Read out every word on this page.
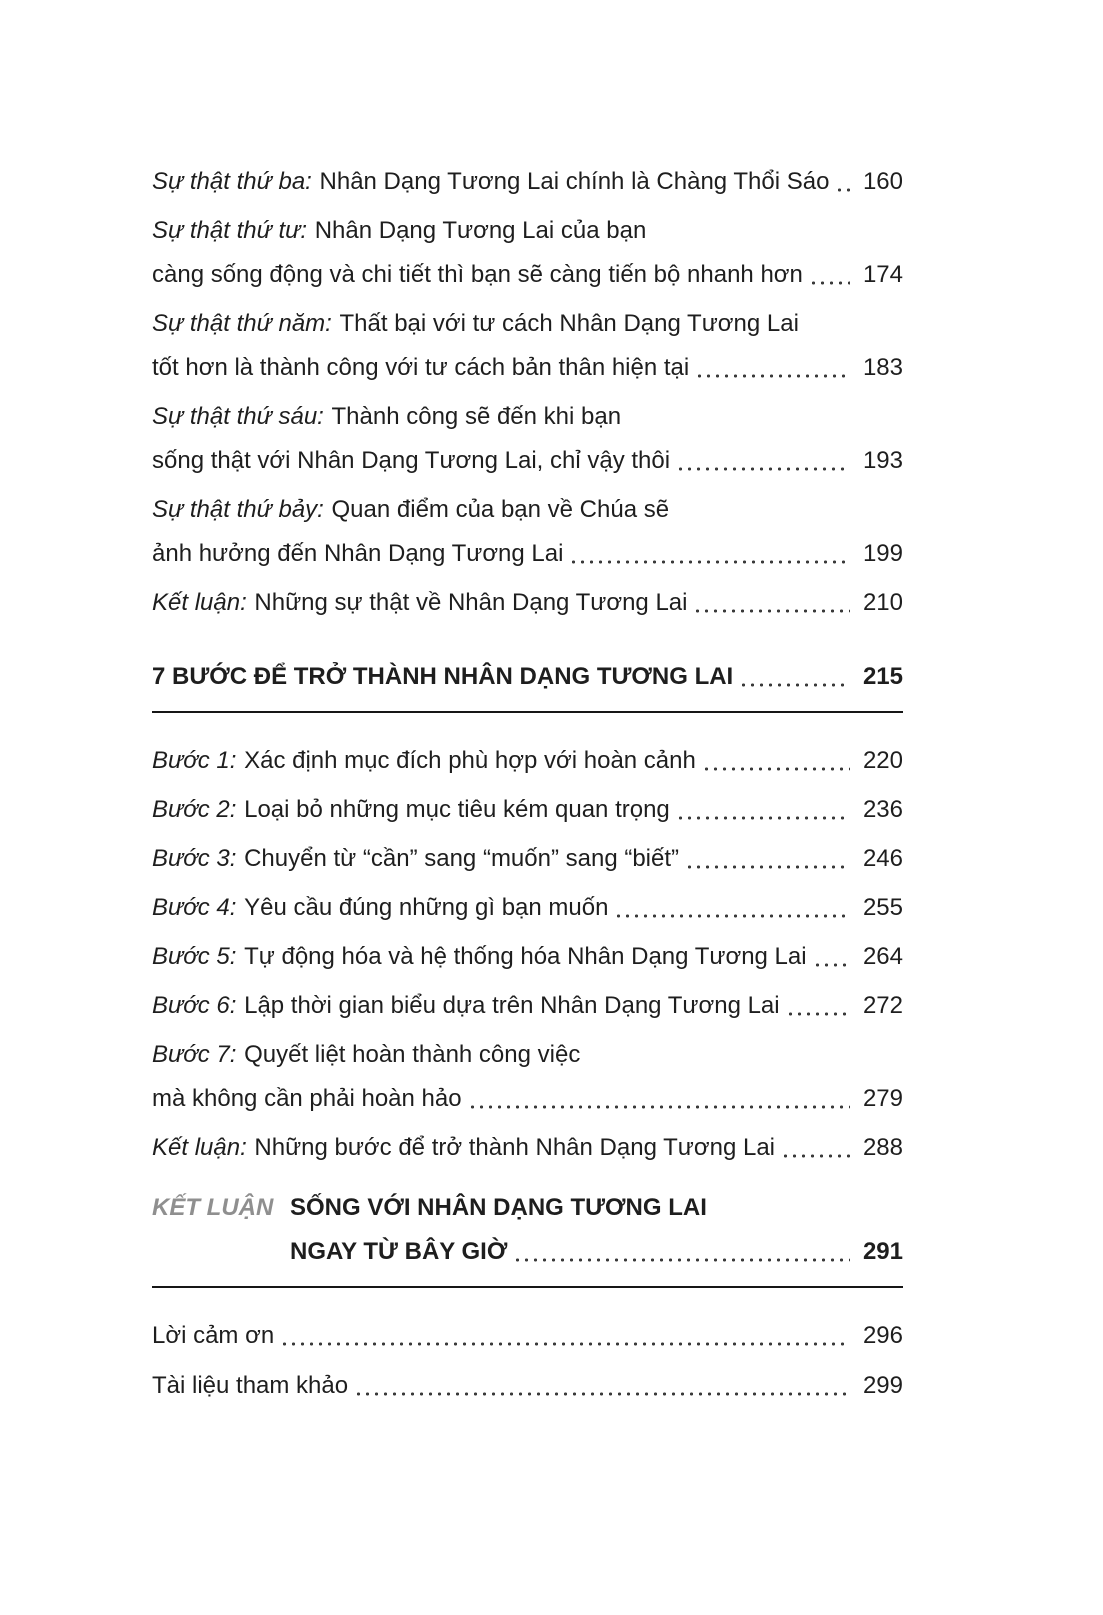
Sự thật thứ ba: Nhân Dạng Tương Lai chính là Chàng Thổi Sáo	160
Sự thật thứ tư: Nhân Dạng Tương Lai của bạn
càng sống động và chi tiết thì bạn sẽ càng tiến bộ nhanh hơn	174
Sự thật thứ năm: Thất bại với tư cách Nhân Dạng Tương Lai
tốt hơn là thành công với tư cách bản thân hiện tại	183
Sự thật thứ sáu: Thành công sẽ đến khi bạn
sống thật với Nhân Dạng Tương Lai, chỉ vậy thôi	193
Sự thật thứ bảy: Quan điểm của bạn về Chúa sẽ
ảnh hưởng đến Nhân Dạng Tương Lai	199
Kết luận: Những sự thật về Nhân Dạng Tương Lai	210
7 BƯỚC ĐỂ TRỞ THÀNH NHÂN DẠNG TƯƠNG LAI	215
Bước 1: Xác định mục đích phù hợp với hoàn cảnh	220
Bước 2: Loại bỏ những mục tiêu kém quan trọng	236
Bước 3: Chuyển từ “cần” sang “muốn” sang “biết”	246
Bước 4: Yêu cầu đúng những gì bạn muốn	255
Bước 5: Tự động hóa và hệ thống hóa Nhân Dạng Tương Lai	264
Bước 6: Lập thời gian biểu dựa trên Nhân Dạng Tương Lai	272
Bước 7: Quyết liệt hoàn thành công việc
mà không cần phải hoàn hảo	279
Kết luận: Những bước để trở thành Nhân Dạng Tương Lai	288
KẾT LUẬN SỐNG VỚI NHÂN DẠNG TƯƠNG LAI
NGAY TỪ BÂY GIỜ	291
Lời cảm ơn	296
Tài liệu tham khảo	299
